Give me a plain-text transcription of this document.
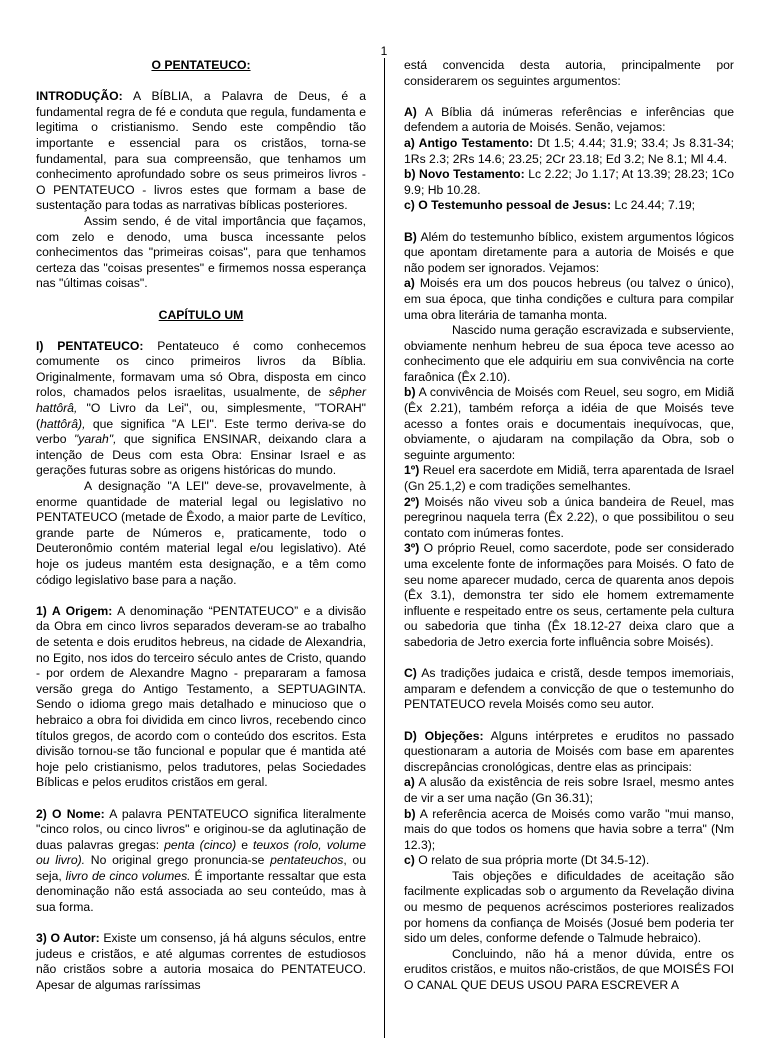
1

O PENTATEUCO:

INTRODUÇÃO: A BÍBLIA, a Palavra de Deus, é a fundamental regra de fé e conduta que regula, fundamenta e legitima o cristianismo. Sendo este compêndio tão importante e essencial para os cristãos, torna-se fundamental, para sua compreensão, que tenhamos um conhecimento aprofundado sobre os seus primeiros livros - O PENTATEUCO - livros estes que formam a base de sustentação para todas as narrativas bíblicas posteriores.

Assim sendo, é de vital importância que façamos, com zelo e denodo, uma busca incessante pelos conhecimentos das "primeiras coisas", para que tenhamos certeza das "coisas presentes" e firmemos nossa esperança nas "últimas coisas".

CAPÍTULO UM

I) PENTATEUCO: Pentateuco é como conhecemos comumente os cinco primeiros livros da Bíblia. Originalmente, formavam uma só Obra, disposta em cinco rolos, chamados pelos israelitas, usualmente, de sêpher hattôrâ, "O Livro da Lei", ou, simplesmente, "TORAH" (hattôrâ), que significa "A LEI". Este termo deriva-se do verbo "yarah", que significa ENSINAR, deixando clara a intenção de Deus com esta Obra: Ensinar Israel e as gerações futuras sobre as origens históricas do mundo.

A designação "A LEI" deve-se, provavelmente, à enorme quantidade de material legal ou legislativo no PENTATEUCO (metade de Êxodo, a maior parte de Levítico, grande parte de Números e, praticamente, todo o Deuteronômio contém material legal e/ou legislativo). Até hoje os judeus mantém esta designação, e a têm como código legislativo base para a nação.

1) A Origem: A denominação “PENTATEUCO” e a divisão da Obra em cinco livros separados deveram-se ao trabalho de setenta e dois eruditos hebreus, na cidade de Alexandria, no Egito, nos idos do terceiro século antes de Cristo, quando - por ordem de Alexandre Magno - prepararam a famosa versão grega do Antigo Testamento, a SEPTUAGINTA. Sendo o idioma grego mais detalhado e minucioso que o hebraico a obra foi dividida em cinco livros, recebendo cinco títulos gregos, de acordo com o conteúdo dos escritos. Esta divisão tornou-se tão funcional e popular que é mantida até hoje pelo cristianismo, pelos tradutores, pelas Sociedades Bíblicas e pelos eruditos cristãos em geral.

2) O Nome: A palavra PENTATEUCO significa literalmente "cinco rolos, ou cinco livros" e originou-se da aglutinação de duas palavras gregas: penta (cinco) e teuxos (rolo, volume ou livro). No original grego pronuncia-se pentateuchos, ou seja, livro de cinco volumes. É importante ressaltar que esta denominação não está associada ao seu conteúdo, mas à sua forma.

3) O Autor: Existe um consenso, já há alguns séculos, entre judeus e cristãos, e até algumas correntes de estudiosos não cristãos sobre a autoria mosaica do PENTATEUCO. Apesar de algumas raríssimas

está convencida desta autoria, principalmente por considerarem os seguintes argumentos:

A) A Bíblia dá inúmeras referências e inferências que defendem a autoria de Moisés. Senão, vejamos:

a) Antigo Testamento: Dt 1.5; 4.44; 31.9; 33.4; Js 8.31-34; 1Rs 2.3; 2Rs 14.6; 23.25; 2Cr 23.18; Ed 3.2; Ne 8.1; Ml 4.4.

b) Novo Testamento: Lc 2.22; Jo 1.17; At 13.39; 28.23; 1Co 9.9; Hb 10.28.

c) O Testemunho pessoal de Jesus: Lc 24.44; 7.19;

B) Além do testemunho bíblico, existem argumentos lógicos que apontam diretamente para a autoria de Moisés e que não podem ser ignorados. Vejamos:

a) Moisés era um dos poucos hebreus (ou talvez o único), em sua época, que tinha condições e cultura para compilar uma obra literária de tamanha monta.

Nascido numa geração escravizada e subserviente, obviamente nenhum hebreu de sua época teve acesso ao conhecimento que ele adquiriu em sua convivência na corte faraônica (Êx 2.10).

b) A convivência de Moisés com Reuel, seu sogro, em Midiã (Êx 2.21), também reforça a idéia de que Moisés teve acesso a fontes orais e documentais inequívocas, que, obviamente, o ajudaram na compilação da Obra, sob o seguinte argumento:

1º) Reuel era sacerdote em Midiã, terra aparentada de Israel (Gn 25.1,2) e com tradições semelhantes.

2º) Moisés não viveu sob a única bandeira de Reuel, mas peregrinou naquela terra (Êx 2.22), o que possibilitou o seu contato com inúmeras fontes.

3º) O próprio Reuel, como sacerdote, pode ser considerado uma excelente fonte de informações para Moisés. O fato de seu nome aparecer mudado, cerca de quarenta anos depois (Êx 3.1), demonstra ter sido ele homem extremamente influente e respeitado entre os seus, certamente pela cultura ou sabedoria que tinha (Êx 18.12-27 deixa claro que a sabedoria de Jetro exercia forte influência sobre Moisés).

C) As tradições judaica e cristã, desde tempos imemoriais, amparam e defendem a convicção de que o testemunho do PENTATEUCO revela Moisés como seu autor.

D) Objeções: Alguns intérpretes e eruditos no passado questionaram a autoria de Moisés com base em aparentes discrepâncias cronológicas, dentre elas as principais:

a) A alusão da existência de reis sobre Israel, mesmo antes de vir a ser uma nação (Gn 36.31);

b) A referência acerca de Moisés como varão "mui manso, mais do que todos os homens que havia sobre a terra" (Nm 12.3);

c) O relato de sua própria morte (Dt 34.5-12).

Tais objeções e dificuldades de aceitação são facilmente explicadas sob o argumento da Revelação divina ou mesmo de pequenos acréscimos posteriores realizados por homens da confiança de Moisés (Josué bem poderia ter sido um deles, conforme defende o Talmude hebraico).

Concluindo, não há a menor dúvida, entre os eruditos cristãos, e muitos não-cristãos, de que MOISÉS FOI O CANAL QUE DEUS USOU PARA ESCREVER A
